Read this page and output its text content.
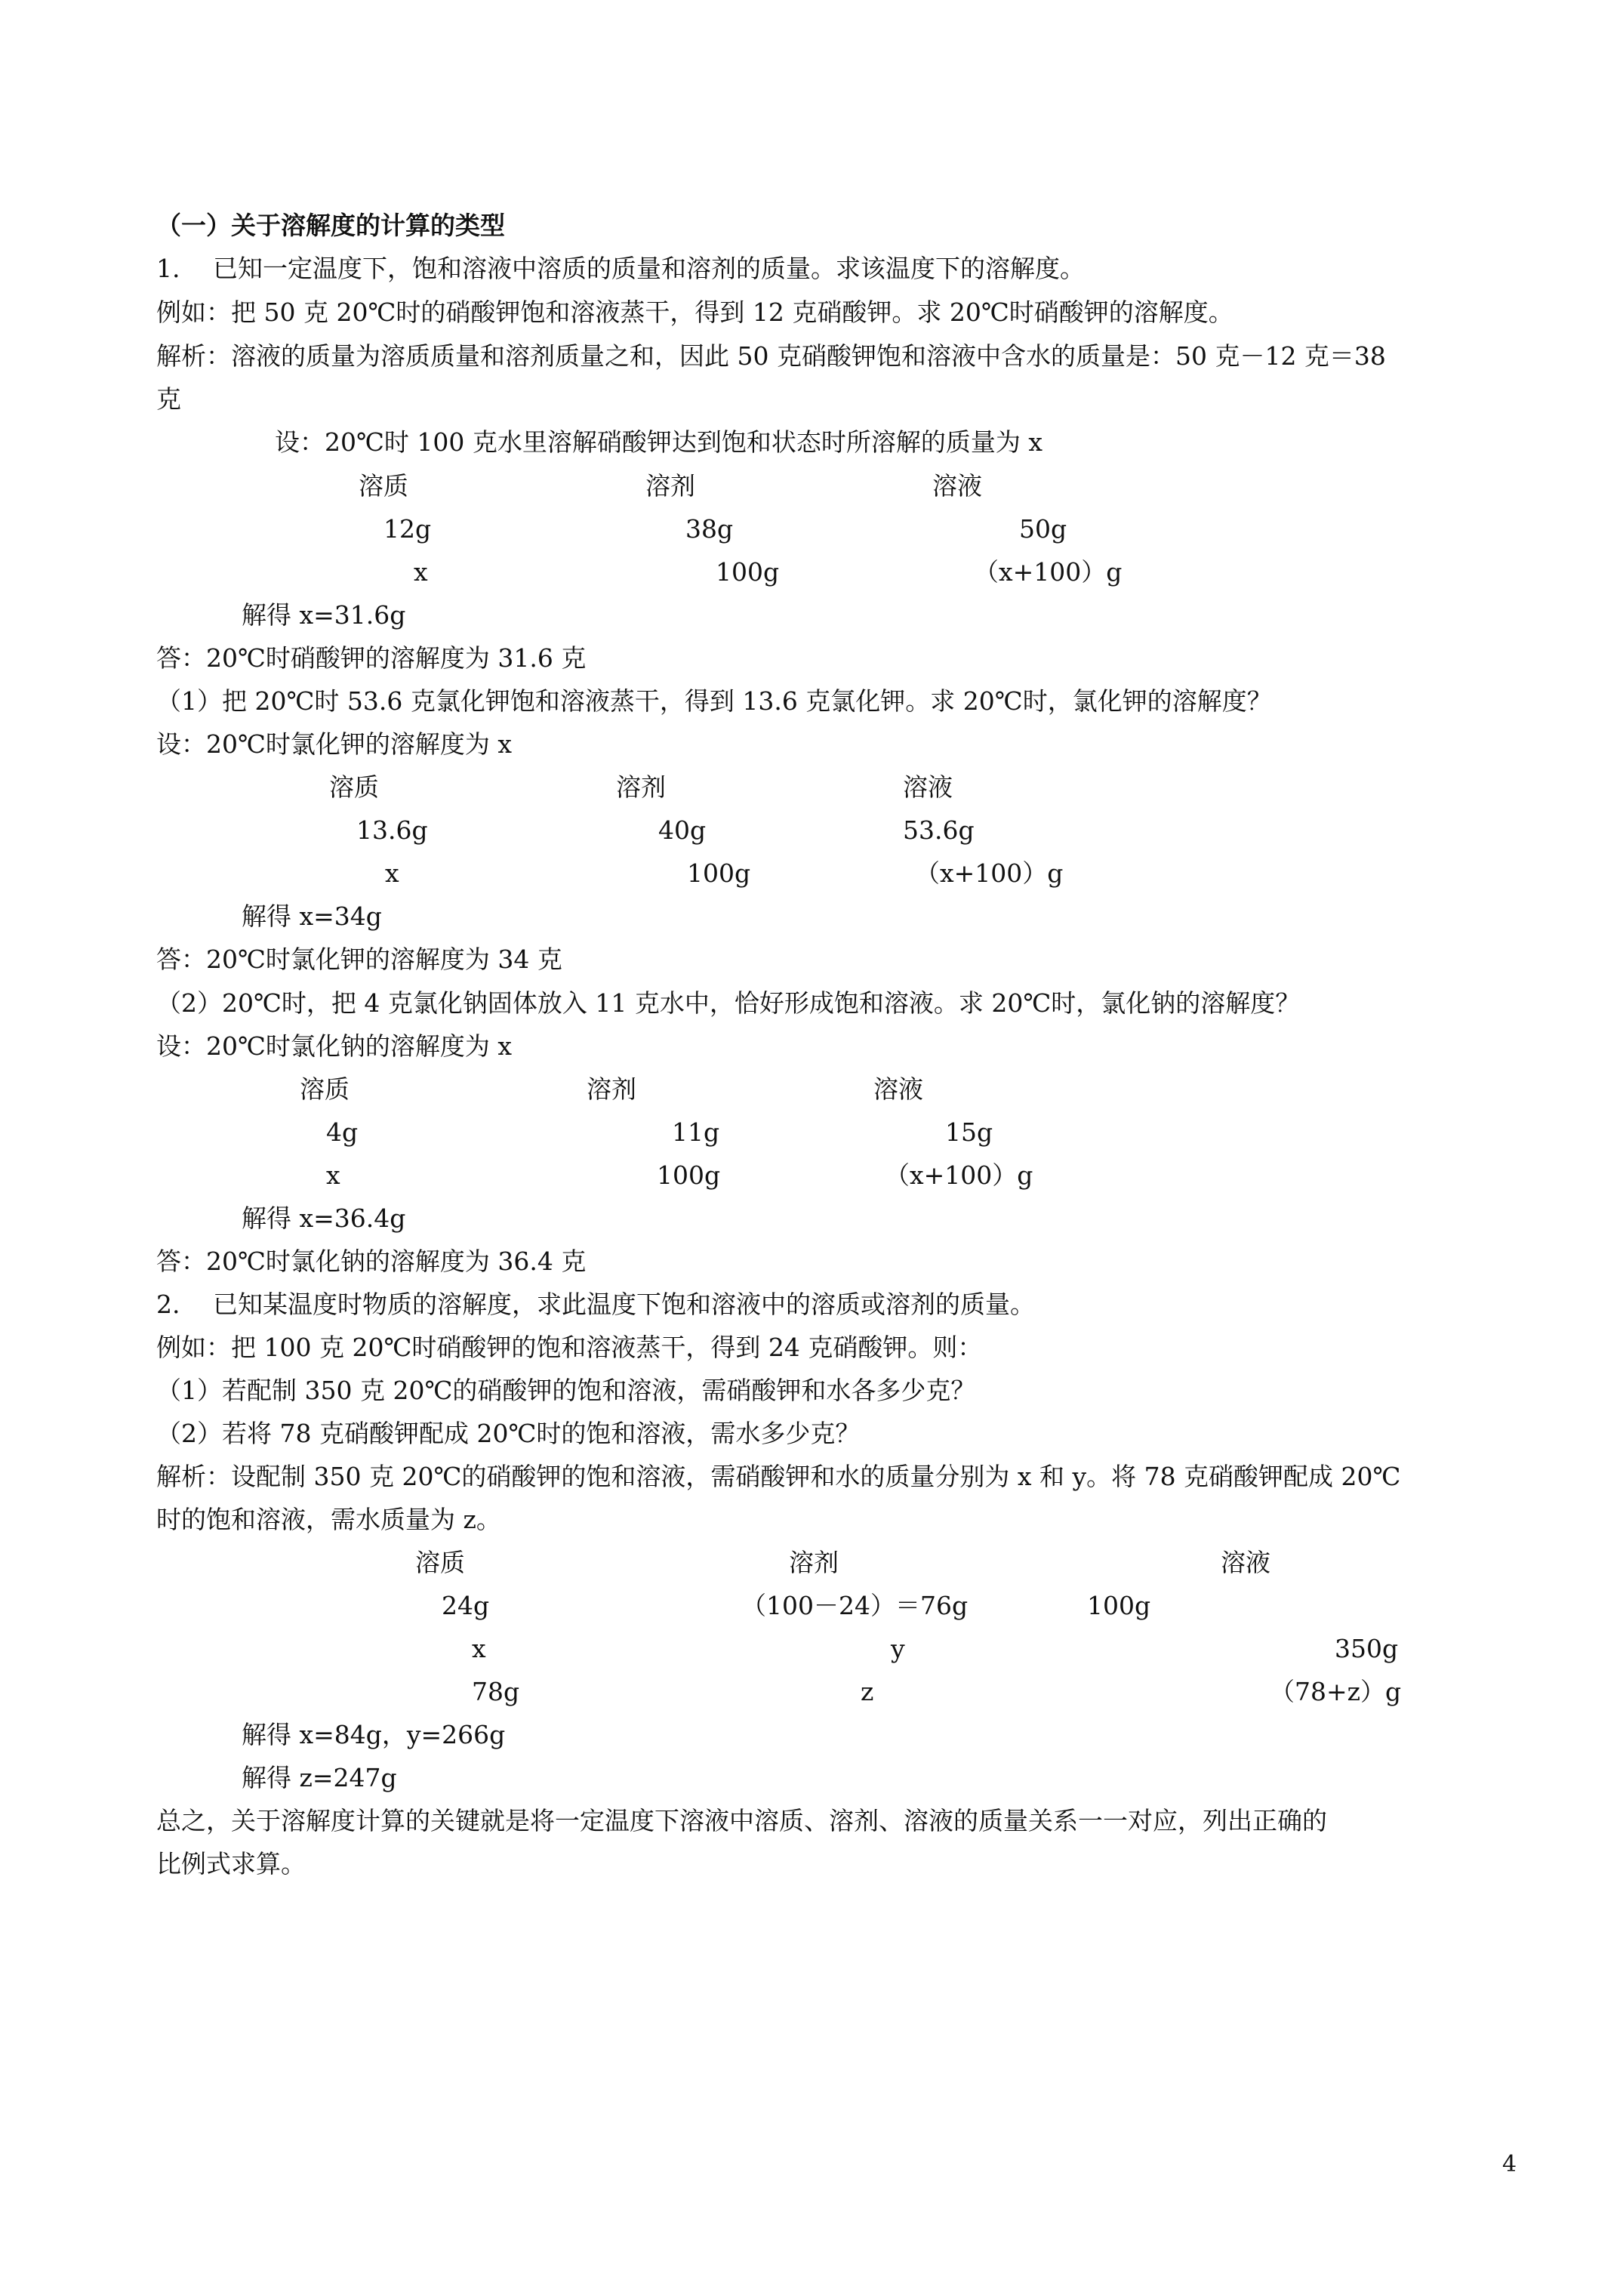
（一）关于溶解度的计算的类型
1.　 已知一定温度下，饱和溶液中溶质的质量和溶剂的质量。求该温度下的溶解度。
例如：把 50 克 20℃时的硝酸钾饱和溶液蒸干，得到 12 克硝酸钾。求 20℃时硝酸钾的溶解度。
解析：溶液的质量为溶质质量和溶剂质量之和，因此 50 克硝酸钾饱和溶液中含水的质量是：50 克－12 克＝38
克
设：20℃时 100 克水里溶解硝酸钾达到饱和状态时所溶解的质量为 x
溶质	溶剂	溶液
12g	38g	50g
x	100g	（x+100）g
解得 x=31.6g
答：20℃时硝酸钾的溶解度为 31.6 克
（1）把 20℃时 53.6 克氯化钾饱和溶液蒸干，得到 13.6 克氯化钾。求 20℃时，氯化钾的溶解度？
设：20℃时氯化钾的溶解度为 x
溶质	溶剂	溶液
13.6g	40g	53.6g
x	100g	（x+100）g
解得 x=34g
答：20℃时氯化钾的溶解度为 34 克
（2）20℃时，把 4 克氯化钠固体放入 11 克水中，恰好形成饱和溶液。求 20℃时，氯化钠的溶解度？
设：20℃时氯化钠的溶解度为 x
溶质	溶剂	溶液
4g	11g	15g
x	100g	（x+100）g
解得 x=36.4g
答：20℃时氯化钠的溶解度为 36.4 克
2.　 已知某温度时物质的溶解度，求此温度下饱和溶液中的溶质或溶剂的质量。
例如：把 100 克 20℃时硝酸钾的饱和溶液蒸干，得到 24 克硝酸钾。则：
（1）若配制 350 克 20℃的硝酸钾的饱和溶液，需硝酸钾和水各多少克？
（2）若将 78 克硝酸钾配成 20℃时的饱和溶液，需水多少克？
解析：设配制 350 克 20℃的硝酸钾的饱和溶液，需硝酸钾和水的质量分别为 x 和 y。将 78 克硝酸钾配成 20℃
时的饱和溶液，需水质量为 z。
溶质	溶剂	溶液
24g	（100－24）＝76g	100g
x	y	350g
78g	z	（78+z）g
解得 x=84g，y=266g
解得 z=247g
总之，关于溶解度计算的关键就是将一定温度下溶液中溶质、溶剂、溶液的质量关系一一对应，列出正确的
比例式求算。
4
